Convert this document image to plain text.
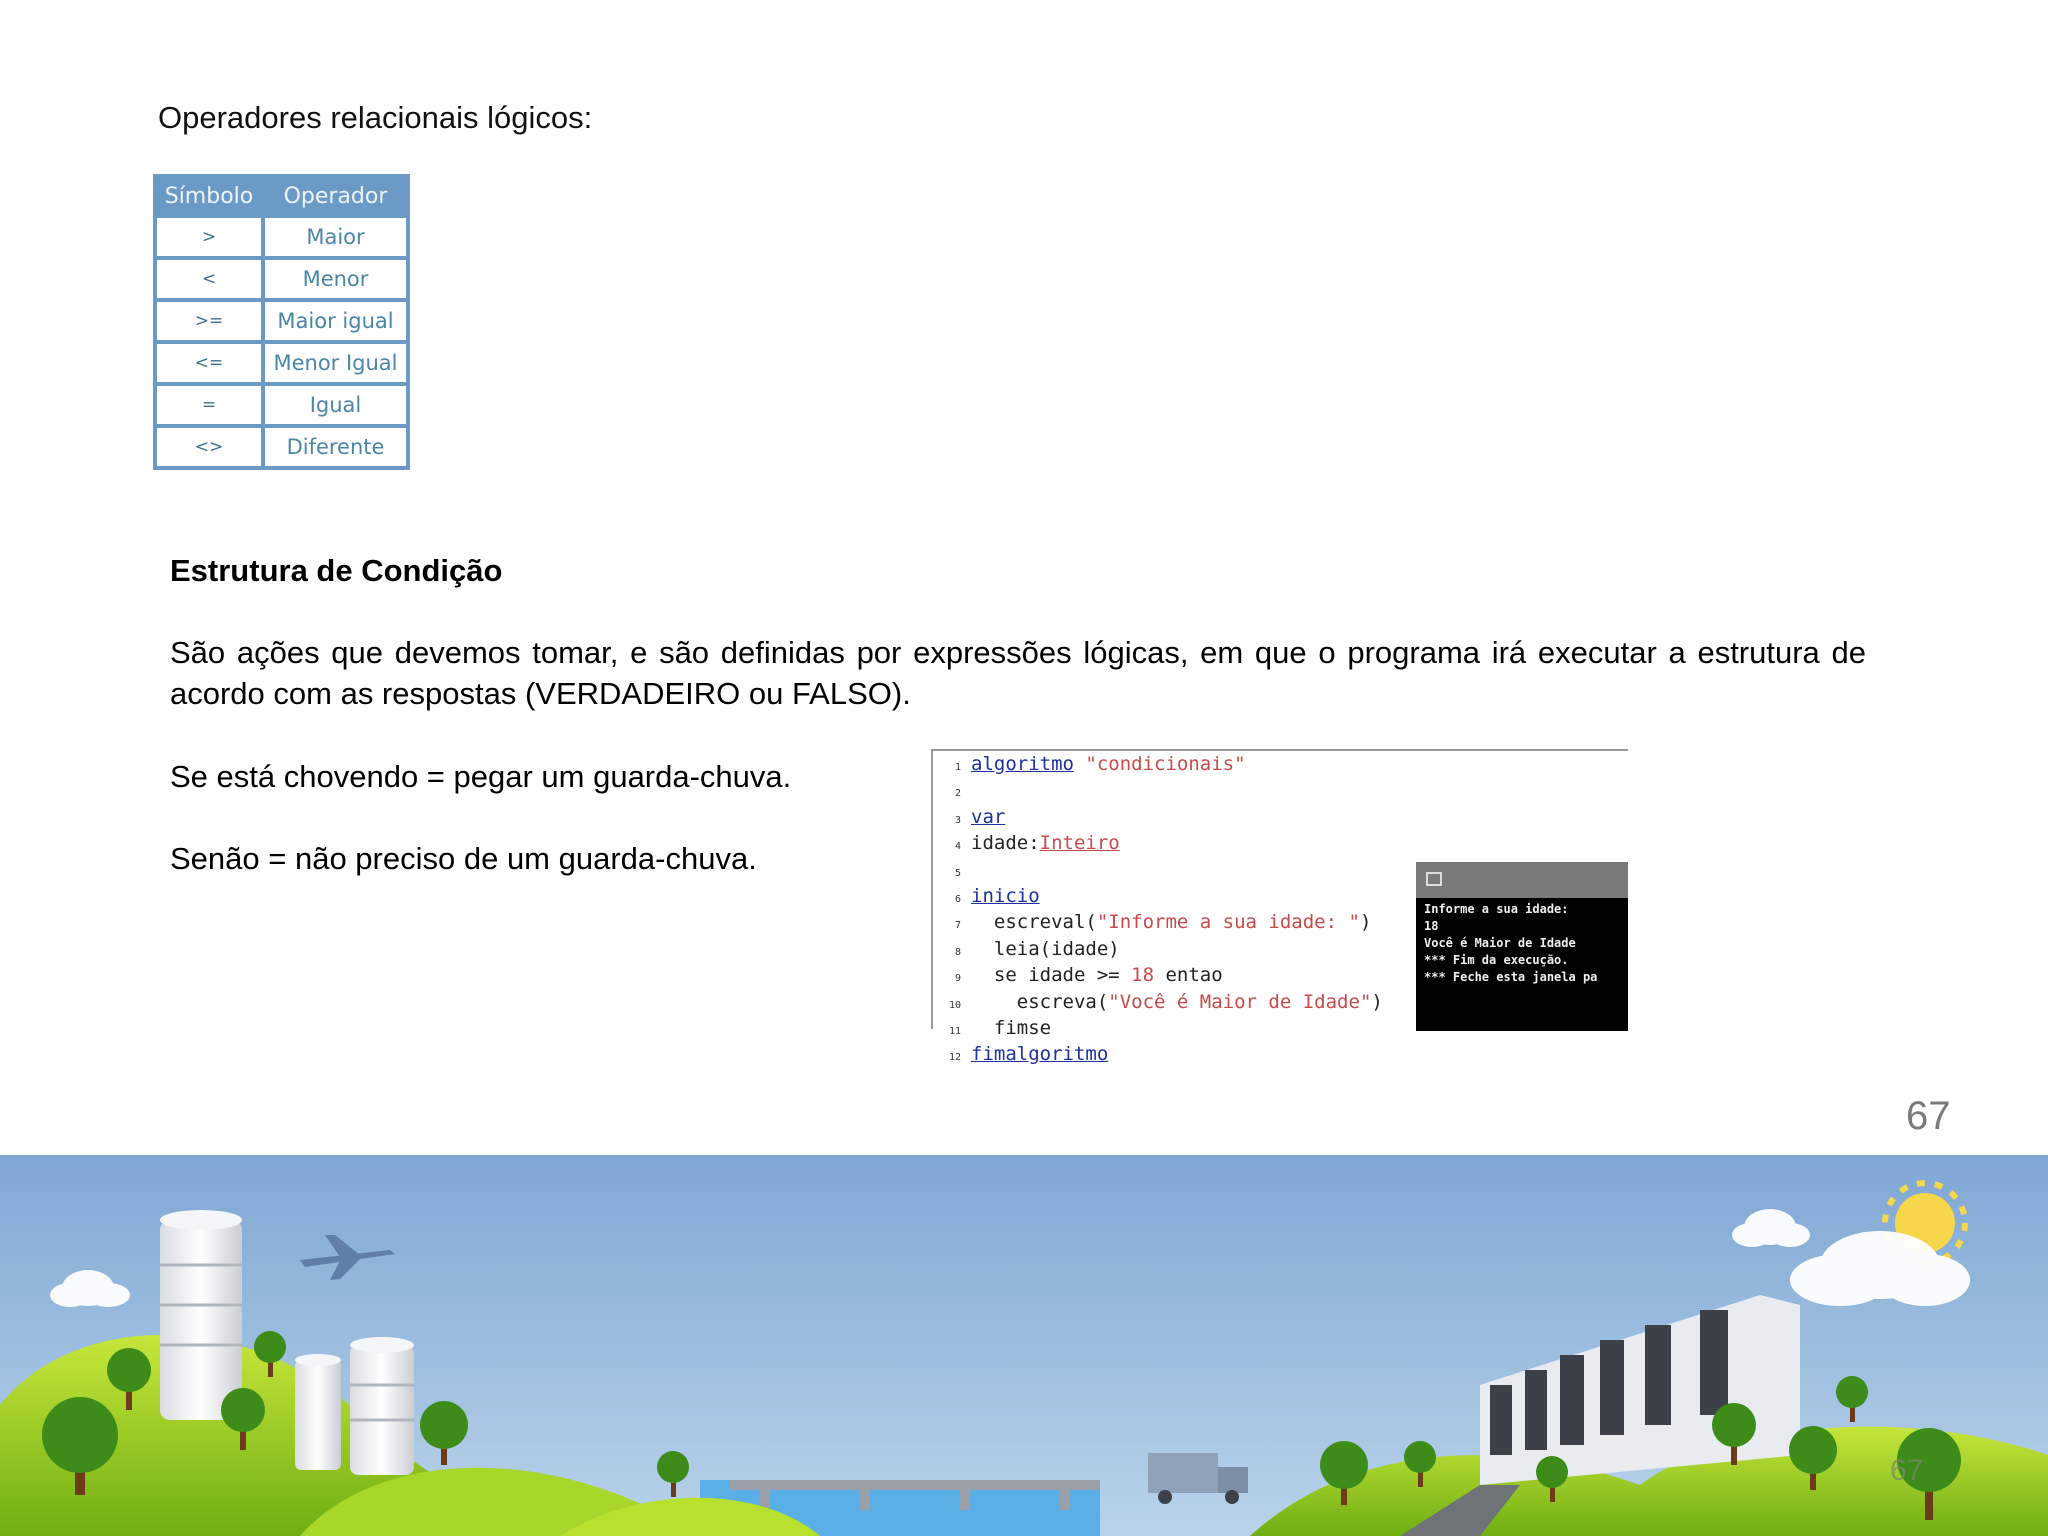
Operadores relacionais lógicos:
Símbolo	Operador
>	Maior
<	Menor
>=	Maior igual
<=	Menor Igual
=	Igual
<>	Diferente
Estrutura de Condição
São ações que devemos tomar, e são definidas por expressões lógicas, em que o programa irá executar a estrutura de acordo com as respostas (VERDADEIRO ou FALSO).
Se está chovendo = pegar um guarda-chuva.
Senão = não preciso de um guarda-chuva.
1 algoritmo "condicionais"
2
3 var
4 idade:Inteiro
5
6 inicio
7  escreval("Informe a sua idade: ")
8  leia(idade)
9  se idade >= 18 entao
10    escreva("Você é Maior de Idade")
11  fimse
12 fimalgoritmo
Informe a sua idade:
18
Você é Maior de Idade
*** Fim da execução.
*** Feche esta janela pa
67
67
